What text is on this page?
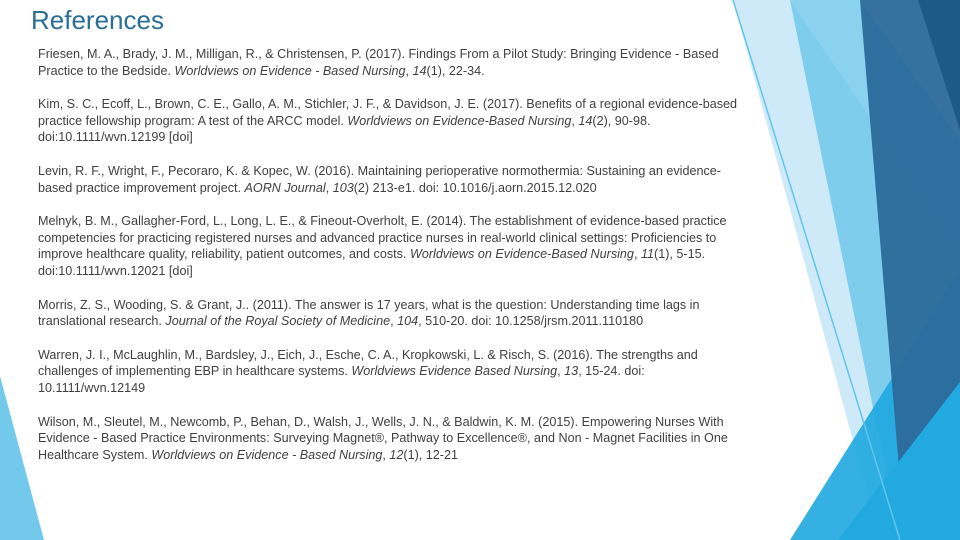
References

Friesen, M. A., Brady, J. M., Milligan, R., & Christensen, P. (2017). Findings From a Pilot Study: Bringing Evidence - Based Practice to the Bedside. Worldviews on Evidence - Based Nursing, 14(1), 22-34.

Kim, S. C., Ecoff, L., Brown, C. E., Gallo, A. M., Stichler, J. F., & Davidson, J. E. (2017). Benefits of a regional evidence-based practice fellowship program: A test of the ARCC model. Worldviews on Evidence-Based Nursing, 14(2), 90-98. doi:10.1111/wvn.12199 [doi]

Levin, R. F., Wright, F., Pecoraro, K. & Kopec, W. (2016). Maintaining perioperative normothermia: Sustaining an evidence-based practice improvement project. AORN Journal, 103(2) 213-e1. doi: 10.1016/j.aorn.2015.12.020

Melnyk, B. M., Gallagher-Ford, L., Long, L. E., & Fineout-Overholt, E. (2014). The establishment of evidence-based practice competencies for practicing registered nurses and advanced practice nurses in real-world clinical settings: Proficiencies to improve healthcare quality, reliability, patient outcomes, and costs. Worldviews on Evidence-Based Nursing, 11(1), 5-15. doi:10.1111/wvn.12021 [doi]

Morris, Z. S., Wooding, S. & Grant, J.. (2011). The answer is 17 years, what is the question: Understanding time lags in translational research. Journal of the Royal Society of Medicine, 104, 510-20. doi: 10.1258/jrsm.2011.110180

Warren, J. I., McLaughlin, M., Bardsley, J., Eich, J., Esche, C. A., Kropkowski, L. & Risch, S. (2016). The strengths and challenges of implementing EBP in healthcare systems. Worldviews Evidence Based Nursing, 13, 15-24. doi: 10.1111/wvn.12149

Wilson, M., Sleutel, M., Newcomb, P., Behan, D., Walsh, J., Wells, J. N., & Baldwin, K. M. (2015). Empowering Nurses With Evidence - Based Practice Environments: Surveying Magnet®, Pathway to Excellence®, and Non - Magnet Facilities in One Healthcare System. Worldviews on Evidence - Based Nursing, 12(1), 12-21
